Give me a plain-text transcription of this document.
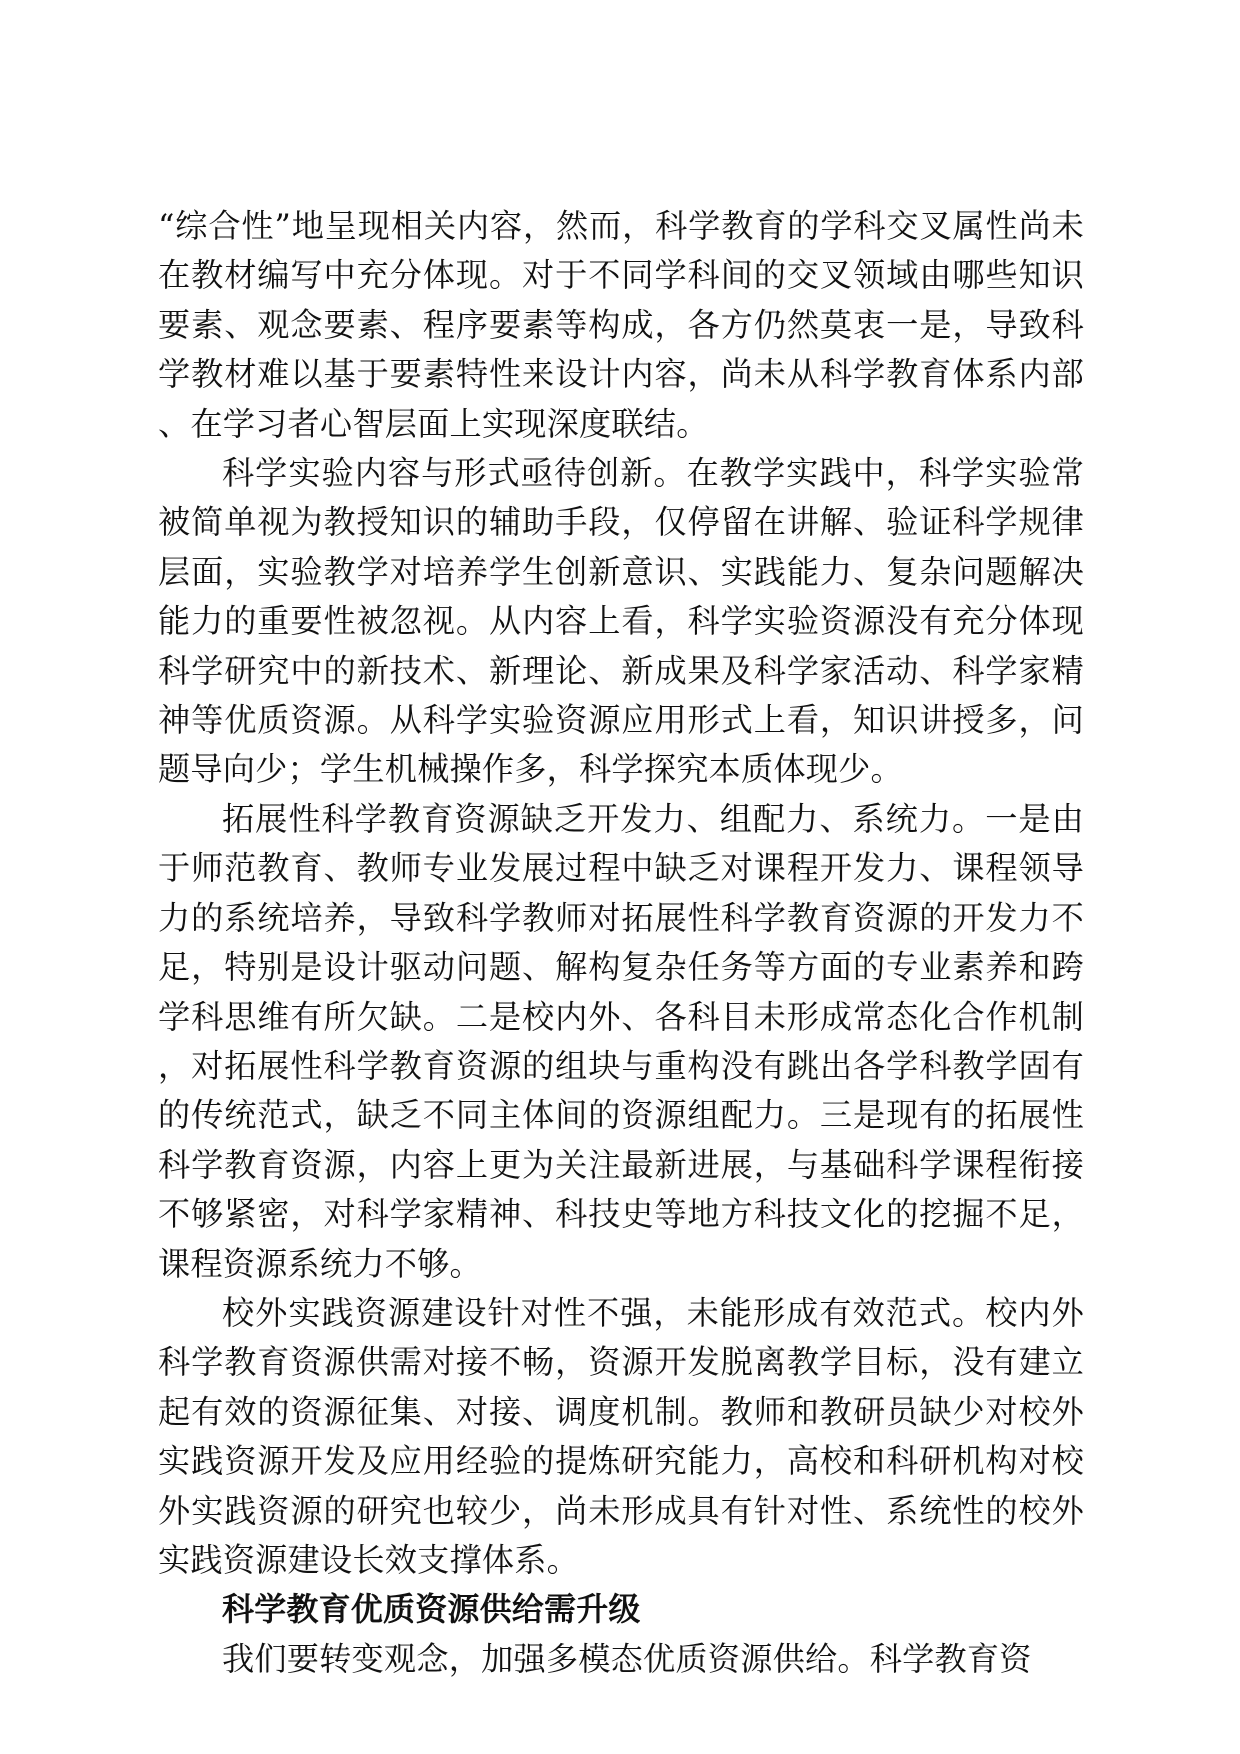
“综合性”地呈现相关内容，然而，科学教育的学科交叉属性尚未在教材编写中充分体现。对于不同学科间的交叉领域由哪些知识要素、观念要素、程序要素等构成，各方仍然莫衷一是，导致科学教材难以基于要素特性来设计内容，尚未从科学教育体系内部、在学习者心智层面上实现深度联结。

科学实验内容与形式亟待创新。在教学实践中，科学实验常被简单视为教授知识的辅助手段，仅停留在讲解、验证科学规律层面，实验教学对培养学生创新意识、实践能力、复杂问题解决能力的重要性被忽视。从内容上看，科学实验资源没有充分体现科学研究中的新技术、新理论、新成果及科学家活动、科学家精神等优质资源。从科学实验资源应用形式上看，知识讲授多，问题导向少；学生机械操作多，科学探究本质体现少。

拓展性科学教育资源缺乏开发力、组配力、系统力。一是由于师范教育、教师专业发展过程中缺乏对课程开发力、课程领导力的系统培养，导致科学教师对拓展性科学教育资源的开发力不足，特别是设计驱动问题、解构复杂任务等方面的专业素养和跨学科思维有所欠缺。二是校内外、各科目未形成常态化合作机制，对拓展性科学教育资源的组块与重构没有跳出各学科教学固有的传统范式，缺乏不同主体间的资源组配力。三是现有的拓展性科学教育资源，内容上更为关注最新进展，与基础科学课程衔接不够紧密，对科学家精神、科技史等地方科技文化的挖掘不足，课程资源系统力不够。

校外实践资源建设针对性不强，未能形成有效范式。校内外科学教育资源供需对接不畅，资源开发脱离教学目标，没有建立起有效的资源征集、对接、调度机制。教师和教研员缺少对校外实践资源开发及应用经验的提炼研究能力，高校和科研机构对校外实践资源的研究也较少，尚未形成具有针对性、系统性的校外实践资源建设长效支撑体系。

科学教育优质资源供给需升级

我们要转变观念，加强多模态优质资源供给。科学教育资
